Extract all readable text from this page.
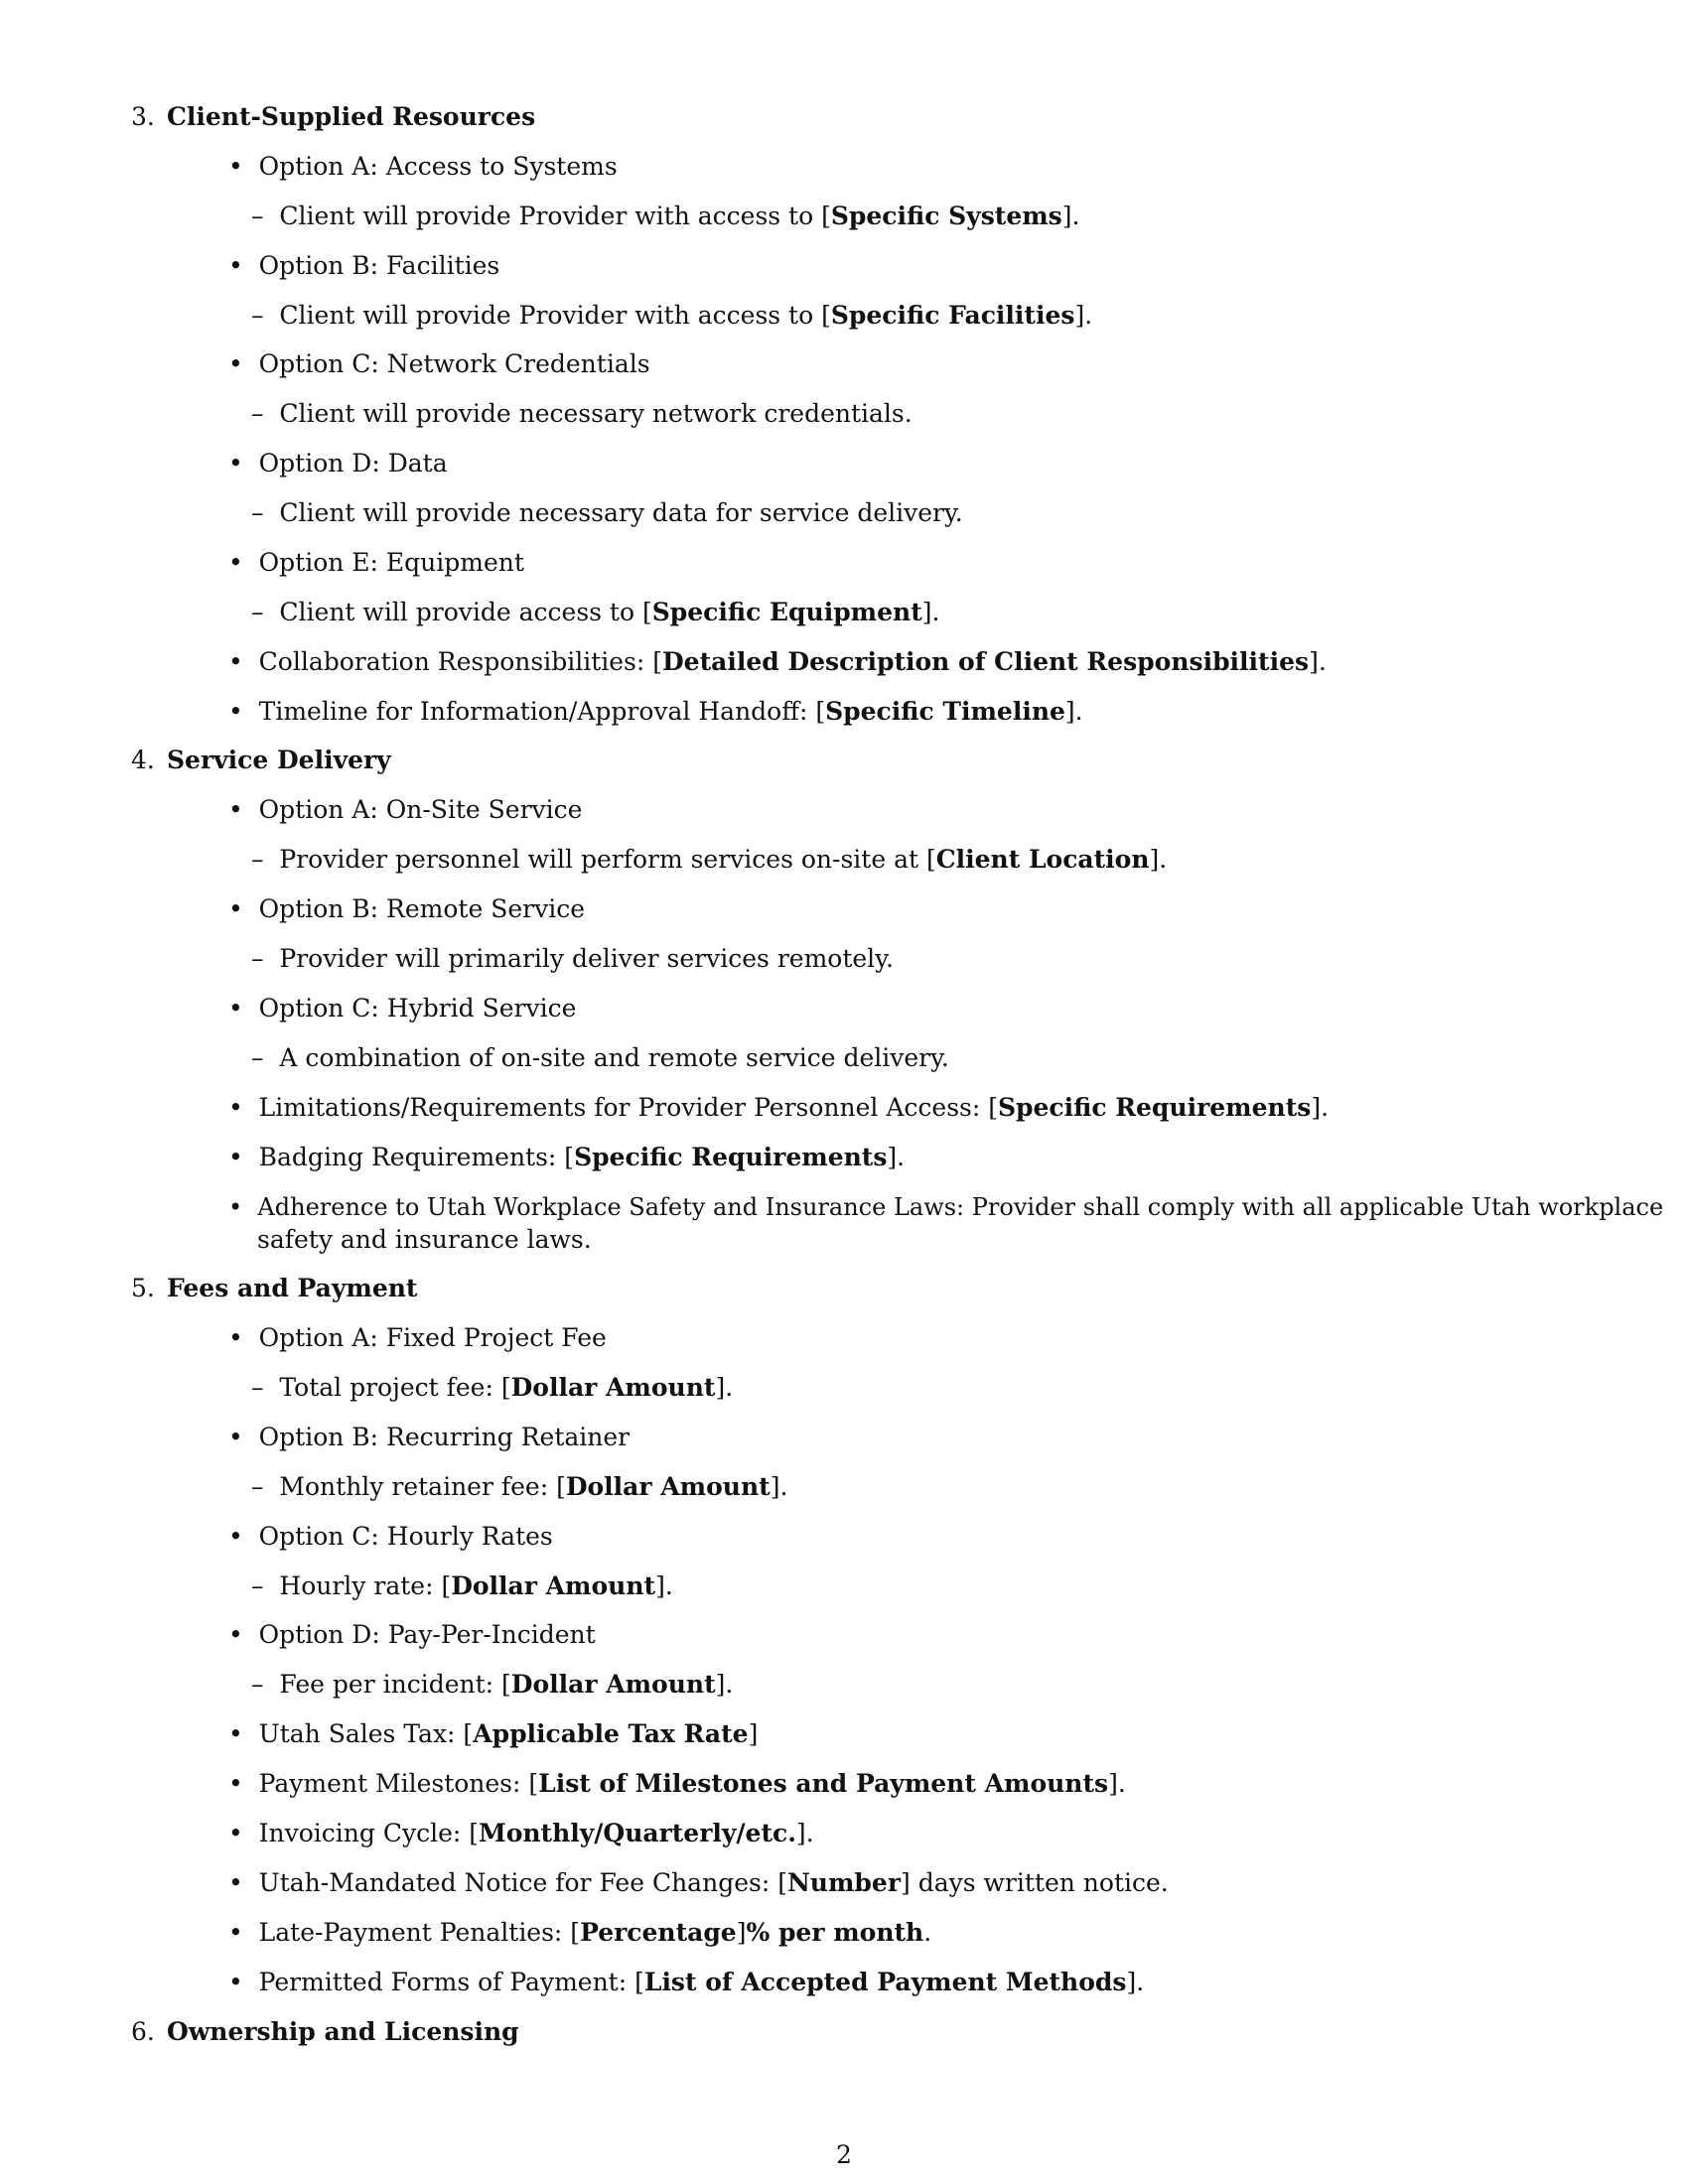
3. Client-Supplied Resources
• Option A: Access to Systems
– Client will provide Provider with access to [Specific Systems].
• Option B: Facilities
– Client will provide Provider with access to [Specific Facilities].
• Option C: Network Credentials
– Client will provide necessary network credentials.
• Option D: Data
– Client will provide necessary data for service delivery.
• Option E: Equipment
– Client will provide access to [Specific Equipment].
• Collaboration Responsibilities: [Detailed Description of Client Responsibilities].
• Timeline for Information/Approval Handoff: [Specific Timeline].
4. Service Delivery
• Option A: On-Site Service
– Provider personnel will perform services on-site at [Client Location].
• Option B: Remote Service
– Provider will primarily deliver services remotely.
• Option C: Hybrid Service
– A combination of on-site and remote service delivery.
• Limitations/Requirements for Provider Personnel Access: [Specific Requirements].
• Badging Requirements: [Specific Requirements].
• Adherence to Utah Workplace Safety and Insurance Laws: Provider shall comply with all applicable Utah workplace
safety and insurance laws.
5. Fees and Payment
• Option A: Fixed Project Fee
– Total project fee: [Dollar Amount].
• Option B: Recurring Retainer
– Monthly retainer fee: [Dollar Amount].
• Option C: Hourly Rates
– Hourly rate: [Dollar Amount].
• Option D: Pay-Per-Incident
– Fee per incident: [Dollar Amount].
• Utah Sales Tax: [Applicable Tax Rate]
• Payment Milestones: [List of Milestones and Payment Amounts].
• Invoicing Cycle: [Monthly/Quarterly/etc.].
• Utah-Mandated Notice for Fee Changes: [Number] days written notice.
• Late-Payment Penalties: [Percentage]% per month.
• Permitted Forms of Payment: [List of Accepted Payment Methods].
6. Ownership and Licensing
2
